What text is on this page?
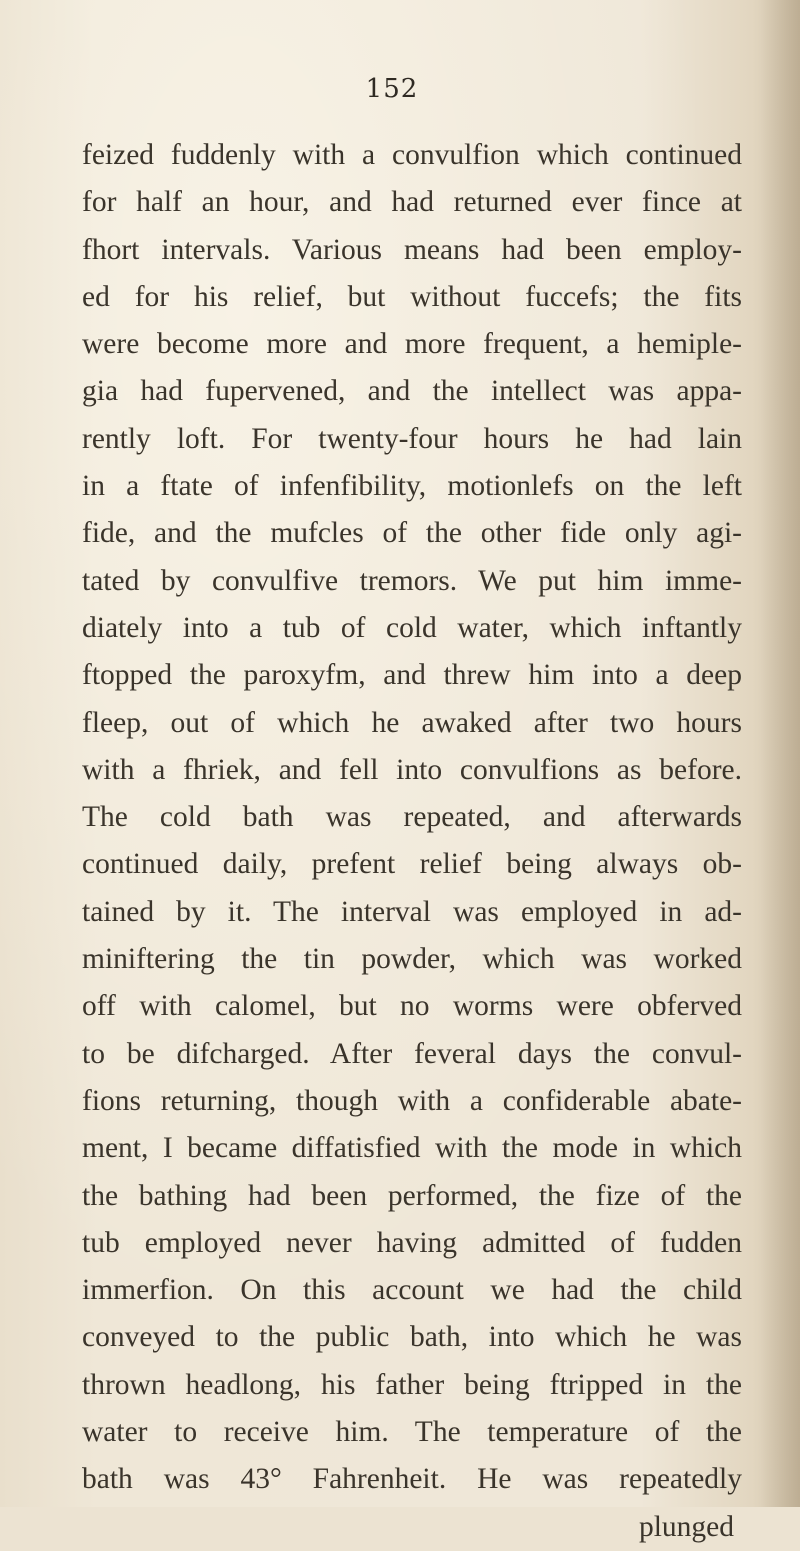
152
feized fuddenly with a convulfion which continued
for half an hour, and had returned ever fince at
fhort intervals. Various means had been employ-
ed for his relief, but without fuccefs; the fits
were become more and more frequent, a hemiple-
gia had fupervened, and the intellect was appa-
rently loft. For twenty-four hours he had lain
in a ftate of infenfibility, motionlefs on the left
fide, and the mufcles of the other fide only agi-
tated by convulfive tremors. We put him imme-
diately into a tub of cold water, which inftantly
ftopped the paroxyfm, and threw him into a deep
fleep, out of which he awaked after two hours
with a fhriek, and fell into convulfions as before.
The cold bath was repeated, and afterwards
continued daily, prefent relief being always ob-
tained by it. The interval was employed in ad-
miniftering the tin powder, which was worked
off with calomel, but no worms were obferved
to be difcharged. After feveral days the convul-
fions returning, though with a confiderable abate-
ment, I became diffatisfied with the mode in which
the bathing had been performed, the fize of the
tub employed never having admitted of fudden
immerfion. On this account we had the child
conveyed to the public bath, into which he was
thrown headlong, his father being ftripped in the
water to receive him. The temperature of the
bath was 43° Fahrenheit. He was repeatedly
plunged
